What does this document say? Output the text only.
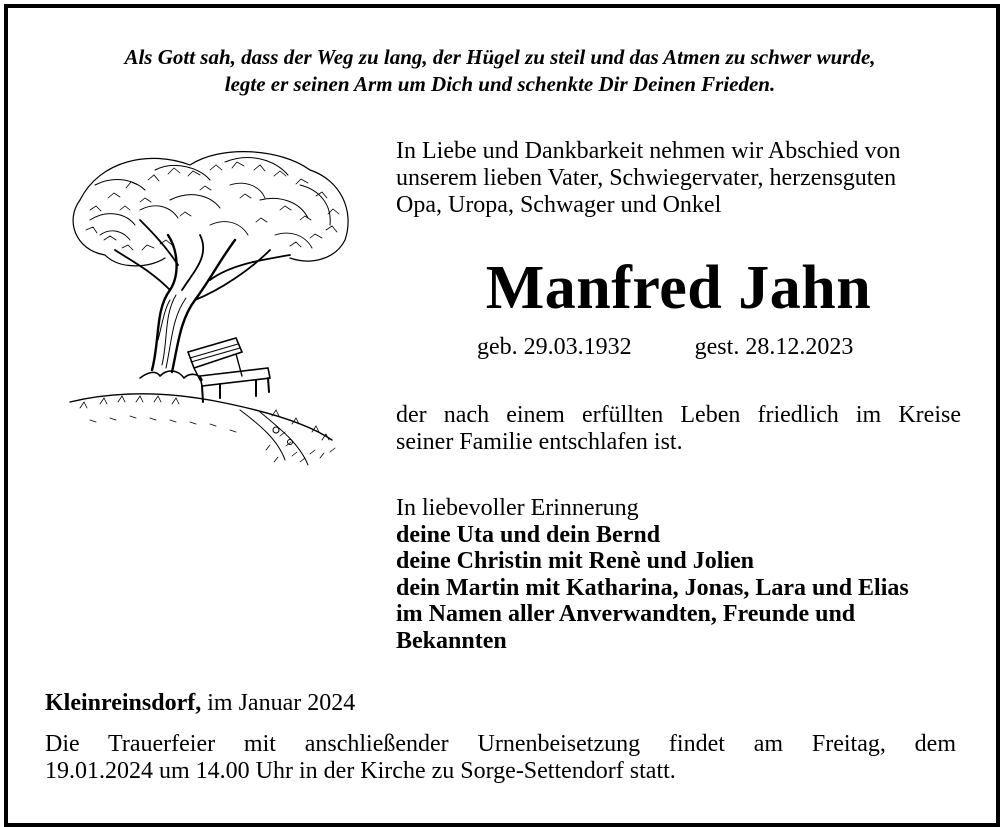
Als Gott sah, dass der Weg zu lang, der Hügel zu steil und das Atmen zu schwer wurde,
legte er seinen Arm um Dich und schenkte Dir Deinen Frieden.
In Liebe und Dankbarkeit nehmen wir Abschied von
unserem lieben Vater, Schwiegervater, herzensguten
Opa, Uropa, Schwager und Onkel
Manfred Jahn
geb. 29.03.1932	gest. 28.12.2023
der nach einem erfüllten Leben friedlich im Kreise
seiner Familie entschlafen ist.
In liebevoller Erinnerung
deine Uta und dein Bernd
deine Christin mit Renè und Jolien
dein Martin mit Katharina, Jonas, Lara und Elias
im Namen aller Anverwandten, Freunde und
Bekannten
Kleinreinsdorf, im Januar 2024
Die Trauerfeier mit anschließender Urnenbeisetzung findet am Freitag, dem
19.01.2024 um 14.00 Uhr in der Kirche zu Sorge-Settendorf statt.
